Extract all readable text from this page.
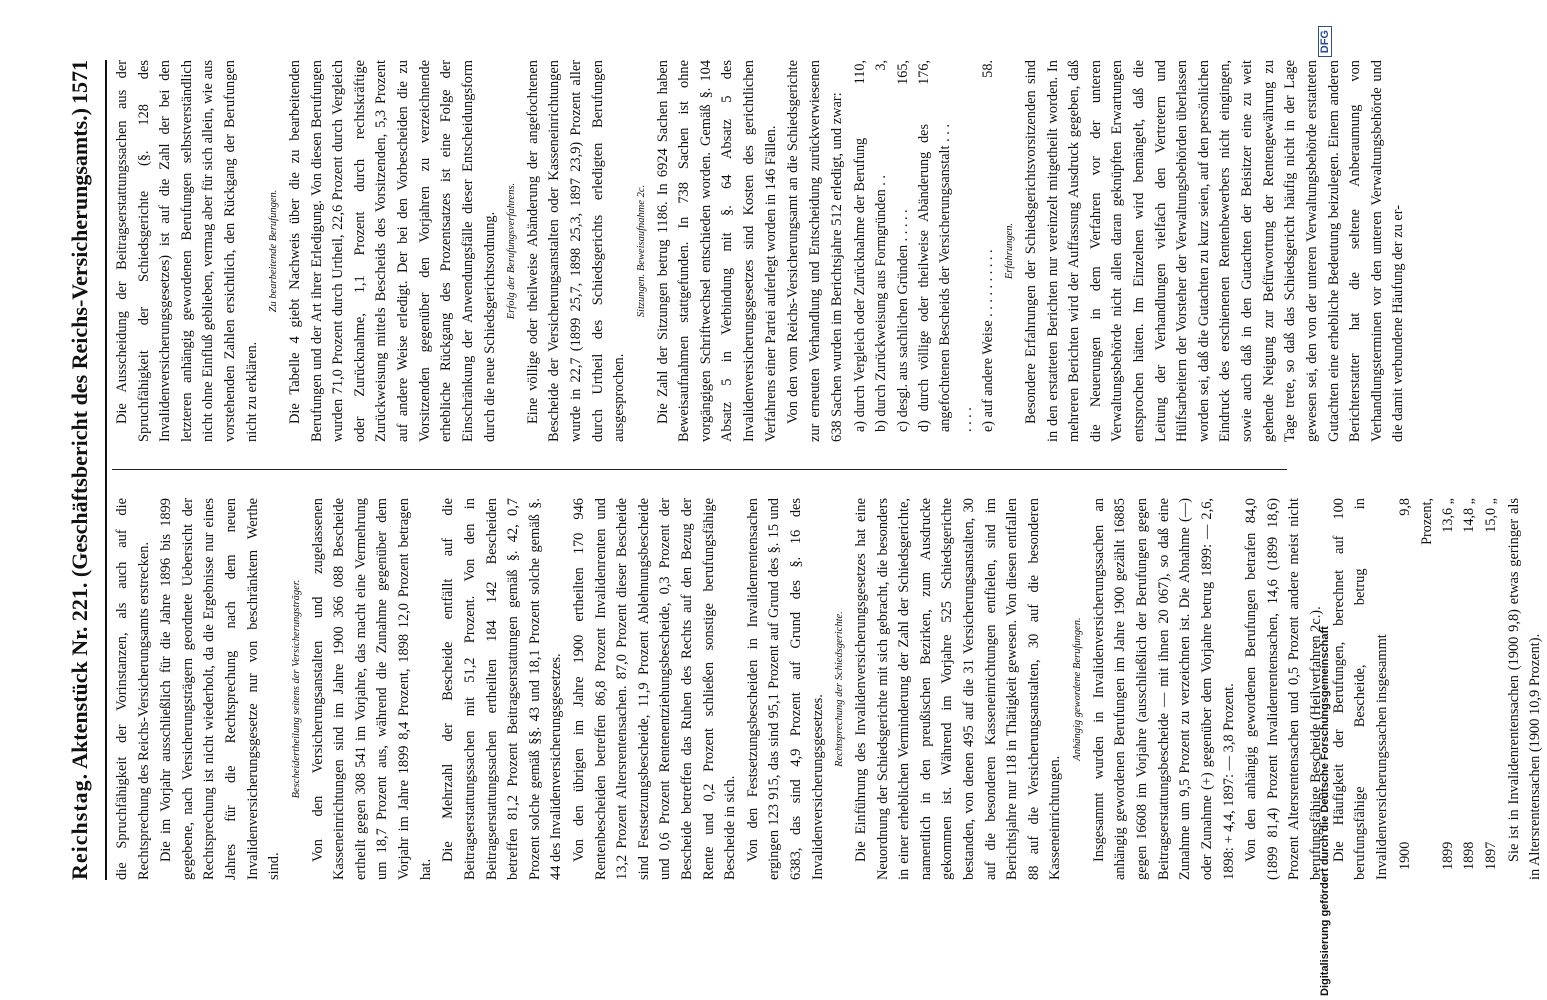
Reichstag.
Aktenstück Nr. 221. (Geschäftsbericht des Reichs-Versicherungsamts.)
1571

die Spruchfähigkeit der Vorinstanzen, als auch auf die Rechtsprechung des Reichs-Versicherungsamts erstrecken. Die im Vorjahr ausschließlich für die Jahre 1896 bis 1899 gegebene, nach Versicherungsträgern geordnete Uebersicht der Rechtsprechung ist nicht wiederholt, da die Ergebnisse nur eines Jahres für die Rechtsprechung nach dem neuen Invalidenversicherungsgesetze nur von beschränktem Werthe sind.

Bescheidertheilung seitens der Versicherungsträger. Von den Versicherungsanstalten und zugelassenen Kasseneinrichtungen sind im Jahre 1900 366 088 Bescheide ertheilt gegen 308 541 im Vorjahre, das macht eine Vermehrung um 18,7 Prozent aus, während die Zunahme gegenüber dem Vorjahr im Jahre 1899 8,4 Prozent, 1898 12,0 Prozent betragen hat.

Die Mehrzahl der Bescheide entfällt auf die Beitragserstattungssachen mit 51,2 Prozent. Von den in Beitragserstattungssachen ertheilten 184 142 Bescheiden betreffen 81,2 Prozent Beitragserstattungen gemäß §. 42, 0,7 Prozent solche gemäß §§. 43 und 18,1 Prozent solche gemäß §. 44 des Invalidenversicherungsgesetzes. Von den übrigen im Jahre 1900 ertheilten 170 946 Rentenbescheiden betreffen 86,8 Prozent Invalidenrenten und 13,2 Prozent Altersrentensachen. 87,0 Prozent dieser Bescheide sind Festsetzungsbescheide, 11,9 Prozent Ablehnungsbescheide und 0,6 Prozent Rentenentziehungsbescheide, 0,3 Prozent der Bescheide betreffen das Ruhen des Rechts auf den Bezug der Rente und 0,2 Prozent schließen sonstige berufungsfähige Bescheide in sich. Von den Festsetzungsbescheiden in Invalidenrentensachen ergingen 123 915, das sind 95,1 Prozent auf Grund des §. 15 und 6383, das sind 4,9 Prozent auf Grund des §. 16 des Invalidenversicherungsgesetzes.

Rechtsprechung der Schiedsgerichte. Die Einführung des Invalidenversicherungsgesetzes hat eine Neuordnung der Schiedsgerichte mit sich gebracht, die besonders in einer erheblichen Verminderung der Zahl der Schiedsgerichte, namentlich in den preußischen Bezirken, zum Ausdrucke gekommen ist. Während im Vorjahre 525 Schiedsgerichte bestanden, von denen 495 auf die 31 Versicherungsanstalten, 30 auf die besonderen Kasseneinrichtungen entfielen, sind im Berichtsjahre nur 118 in Thätigkeit gewesen. Von diesen entfallen 88 auf die Versicherungsanstalten, 30 auf die besonderen Kasseneinrichtungen.

Anhängig gewordene Berufungen. Insgesammt wurden in Invalidenversicherungssachen an anhängig gewordenen Berufungen im Jahre 1900 gezählt 16885 gegen 16608 im Vorjahre (ausschließlich der Berufungen gegen Beitragserstattungsbescheide — mit ihnen 20 067), so daß eine Zunahme um 9,5 Prozent zu verzeichnen ist. Die Abnahme (—) oder Zunahme (+) gegenüber dem Vorjahre betrug 1899: — 2,6, 1898: + 4,4, 1897: — 3,8 Prozent. Von den anhängig gewordenen Berufungen betrafen 84,0 (1899 81,4) Prozent Invalidenrentensachen, 14,6 (1899 18,6) Prozent Altersrentensachen und 0,5 Prozent andere meist nicht berufungsfähige Bescheide (Heilverfahren 2c.). Die Häufigkeit der Berufungen, berechnet auf 100 berufungsfähige Bescheide, betrug in Invalidenversicherungssachen insgesammt 1900
9,8 Prozent,
1899
13,6 „
1898
14,8 „
1897
15,0 „ Sie ist in Invalidenrentensachen (1900 9,8) etwas geringer als in Altersrentensachen (1900 10,9 Prozent).

Die Ausscheidung der Beitragserstattungssachen aus der Spruchfähigkeit der Schiedsgerichte (§. 128 des Invalidenversicherungsgesetzes) ist auf die Zahl der bei den letzteren anhängig gewordenen Berufungen selbstverständlich nicht ohne Einfluß geblieben, vermag aber für sich allein, wie aus vorstehenden Zahlen ersichtlich, den Rückgang der Berufungen nicht zu erklären.

Zu bearbeitende Berufungen. Die Tabelle 4 giebt Nachweis über die zu bearbeitenden Berufungen und der Art ihrer Erledigung. Von diesen Berufungen wurden 71,0 Prozent durch Urtheil, 22,6 Prozent durch Vergleich oder Zurücknahme, 1,1 Prozent durch rechtskräftige Zurückweisung mittels Bescheids des Vorsitzenden, 5,3 Prozent auf andere Weise erledigt. Der bei den Vorbescheiden die zu Vorsitzenden gegenüber den Vorjahren zu verzeichnende erhebliche Rückgang des Prozentsatzes ist eine Folge der Einschränkung der Anwendungsfälle dieser Entscheidungsform durch die neue Schiedsgerichtsordnung. Erfolg der Berufungsverfahrens. Eine völlige oder theilweise Abänderung der angefochtenen Bescheide der Versicherungsanstalten oder Kasseneinrichtungen wurde in 22,7 (1899 25,7, 1898 25,3, 1897 23,9) Prozent aller durch Urtheil des Schiedsgerichts erledigten Berufungen ausgesprochen.

Sitzungen. Beweisaufnahme 2c. Die Zahl der Sitzungen betrug 1186. In 6924 Sachen haben Beweisaufnahmen stattgefunden. In 738 Sachen ist ohne vorgängigen Schriftwechsel entschieden worden. Gemäß §. 104 Absatz 5 in Verbindung mit §. 64 Absatz 5 des Invalidenversicherungsgesetzes sind Kosten des gerichtlichen Verfahrens einer Partei auferlegt worden in 146 Fällen. Von den vom Reichs-Versicherungsamt an die Schiedsgerichte zur erneuten Verhandlung und Entscheidung zurückverwiesenen 638 Sachen wurden im Berichtsjahre 512 erledigt, und zwar: a) durch Vergleich oder Zurücknahme der Berufung
110,
b) durch Zurückweisung aus Formgründen . .
3,
c) desgl. aus sachlichen Gründen . . . . .
165,
d) durch völlige oder theilweise Abänderung des angefochtenen Bescheids der Versicherungsanstalt . . . . . . .
176,
e) auf andere Weise . . . . . . . . . .
58.
Erfahrungen. Besondere Erfahrungen der Schiedsgerichtsvorsitzenden sind in den erstatteten Berichten nur vereinzelt mitgetheilt worden. In mehreren Berichten wird der Auffassung Ausdruck gegeben, daß die Neuerungen in dem Verfahren vor der unteren Verwaltungsbehörde nicht allen daran geknüpften Erwartungen entsprochen hätten. Im Einzelnen wird bemängelt, daß die Leitung der Verhandlungen vielfach den Vertretern und Hülfsarbeitern der Vorsteher der Verwaltungsbehörden überlassen worden sei, daß die Gutachten zu kurz seien, auf den persönlichen Eindruck des erschienenen Rentenbewerbers nicht eingingen, sowie auch daß in den Gutachten der Beisitzer eine zu weit gehende Neigung zur Befürwortung der Rentengewährung zu Tage trete, so daß das Schiedsgericht häufig nicht in der Lage gewesen sei, den von der unteren Verwaltungsbehörde erstatteten Gutachten eine erhebliche Bedeutung beizulegen. Einem anderen Berichterstatter hat die seltene Anberaumung von Verhandlungsterminen vor den unteren Verwaltungsbehörde und die damit verbundene Häufung der zu er-

Digitalisierung gefördert durch die Deutsche Forschungsgemeinschaft
DFG
